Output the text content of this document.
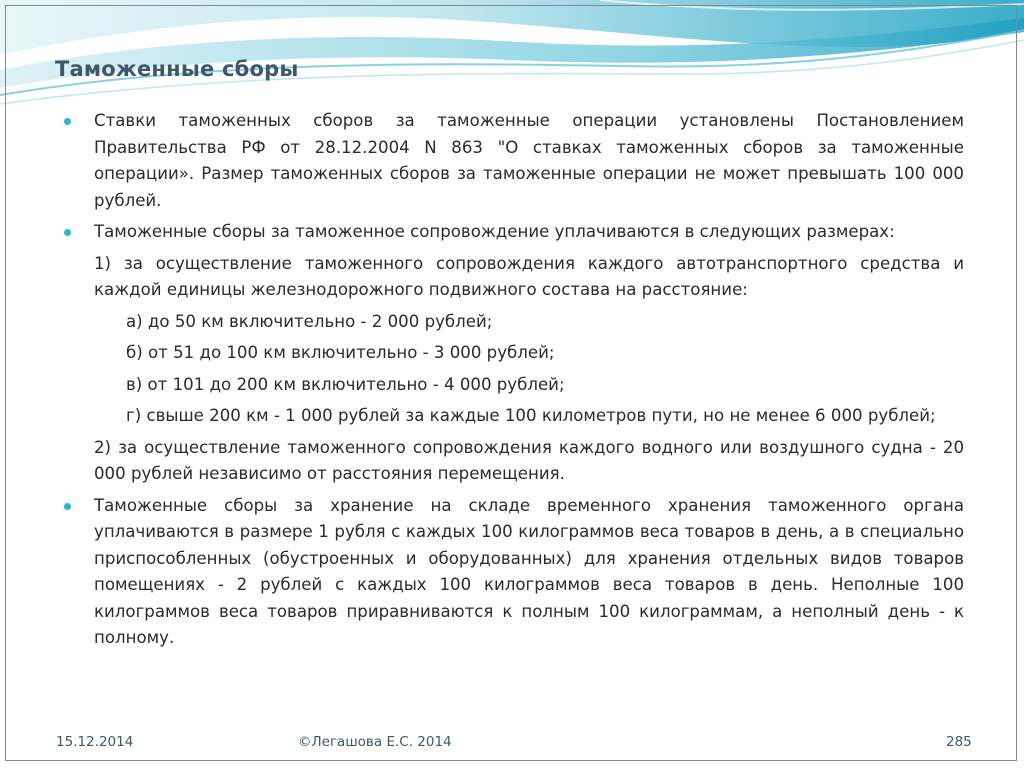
Таможенные сборы
Ставки таможенных сборов за таможенные операции установлены Постановлением Правительства РФ от 28.12.2004 N 863 "О ставках таможенных сборов за таможенные операции». Размер таможенных сборов за таможенные операции не может превышать 100 000 рублей.
Таможенные сборы за таможенное сопровождение уплачиваются в следующих размерах:
1) за осуществление таможенного сопровождения каждого автотранспортного средства и каждой единицы железнодорожного подвижного состава на расстояние:
а) до 50 км включительно - 2 000 рублей;
б) от 51 до 100 км включительно - 3 000 рублей;
в) от 101 до 200 км включительно - 4 000 рублей;
г) свыше 200 км - 1 000 рублей за каждые 100 километров пути, но не менее 6 000 рублей;
2) за осуществление таможенного сопровождения каждого водного или воздушного судна - 20 000 рублей независимо от расстояния перемещения.
Таможенные сборы за хранение на складе временного хранения таможенного органа уплачиваются в размере 1 рубля с каждых 100 килограммов веса товаров в день, а в специально приспособленных (обустроенных и оборудованных) для хранения отдельных видов товаров помещениях - 2 рублей с каждых 100 килограммов веса товаров в день. Неполные 100 килограммов веса товаров приравниваются к полным 100 килограммам, а неполный день - к полному.
15.12.2014	©Легашова Е.С. 2014	285
